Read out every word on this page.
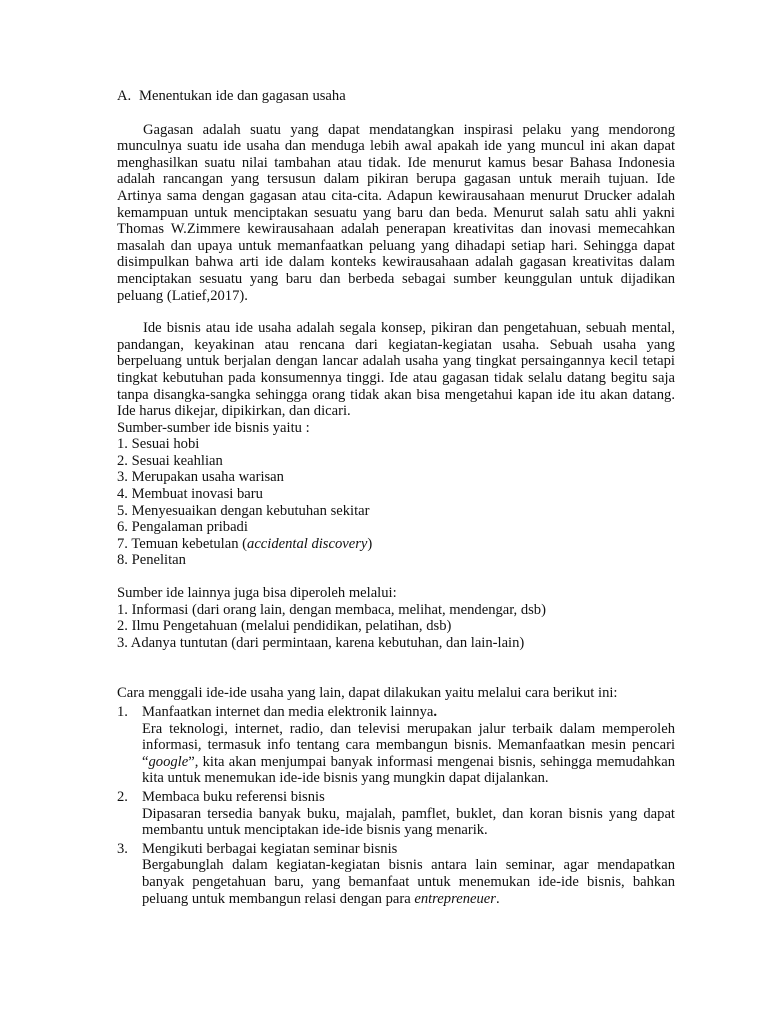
A. Menentukan ide dan gagasan usaha

Gagasan adalah suatu yang dapat mendatangkan inspirasi pelaku yang mendorong munculnya suatu ide usaha dan menduga lebih awal apakah ide yang muncul ini akan dapat menghasilkan suatu nilai tambahan atau tidak. Ide menurut kamus besar Bahasa Indonesia adalah rancangan yang tersusun dalam pikiran berupa gagasan untuk meraih tujuan. Ide Artinya sama dengan gagasan atau cita-cita. Adapun kewirausahaan menurut Drucker adalah kemampuan untuk menciptakan sesuatu yang baru dan beda. Menurut salah satu ahli yakni Thomas W.Zimmere kewirausahaan adalah penerapan kreativitas dan inovasi memecahkan masalah dan upaya untuk memanfaatkan peluang yang dihadapi setiap hari. Sehingga dapat disimpulkan bahwa arti ide dalam konteks kewirausahaan adalah gagasan kreativitas dalam menciptakan sesuatu yang baru dan berbeda sebagai sumber keunggulan untuk dijadikan peluang (Latief,2017).

Ide bisnis atau ide usaha adalah segala konsep, pikiran dan pengetahuan, sebuah mental, pandangan, keyakinan atau rencana dari kegiatan-kegiatan usaha. Sebuah usaha yang berpeluang untuk berjalan dengan lancar adalah usaha yang tingkat persaingannya kecil tetapi tingkat kebutuhan pada konsumennya tinggi. Ide atau gagasan tidak selalu datang begitu saja tanpa disangka-sangka sehingga orang tidak akan bisa mengetahui kapan ide itu akan datang. Ide harus dikejar, dipikirkan, dan dicari.

Sumber-sumber ide bisnis yaitu :

1. Sesuai hobi
2. Sesuai keahlian
3. Merupakan usaha warisan
4. Membuat inovasi baru
5. Menyesuaikan dengan kebutuhan sekitar
6. Pengalaman pribadi
7. Temuan kebetulan (accidental discovery)
8. Penelitan

Sumber ide lainnya juga bisa diperoleh melalui:

1. Informasi (dari orang lain, dengan membaca, melihat, mendengar, dsb)
2. Ilmu Pengetahuan (melalui pendidikan, pelatihan, dsb)
3. Adanya tuntutan (dari permintaan, karena kebutuhan, dan lain-lain)

Cara menggali ide-ide usaha yang lain, dapat dilakukan yaitu melalui cara berikut ini:

1. Manfaatkan internet dan media elektronik lainnya.

Era teknologi, internet, radio, dan televisi merupakan jalur terbaik dalam memperoleh informasi, termasuk info tentang cara membangun bisnis. Memanfaatkan mesin pencari “google”, kita akan menjumpai banyak informasi mengenai bisnis, sehingga memudahkan kita untuk menemukan ide-ide bisnis yang mungkin dapat dijalankan.

2. Membaca buku referensi bisnis

Dipasaran tersedia banyak buku, majalah, pamflet, buklet, dan koran bisnis yang dapat membantu untuk menciptakan ide-ide bisnis yang menarik.

3. Mengikuti berbagai kegiatan seminar bisnis

Bergabunglah dalam kegiatan-kegiatan bisnis antara lain seminar, agar mendapatkan banyak pengetahuan baru, yang bemanfaat untuk menemukan ide-ide bisnis, bahkan peluang untuk membangun relasi dengan para entrepreneuer.
